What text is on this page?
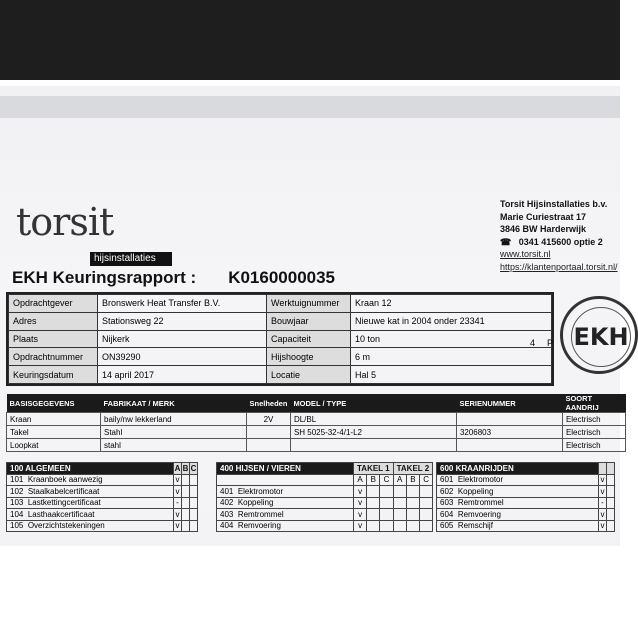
torsit
hijsinstallaties
Torsit Hijsinstallaties b.v.
Marie Curiestraat 17
3846 BW Harderwijk
☎ 0341 415600 optie 2
www.torsit.nl
https://klantenportaal.torsit.nl/
EKH Keuringsrapport : K0160000035
Opdrachtgever	Bronswerk Heat Transfer B.V.	Werktuignummer	Kraan 12
Adres	Stationsweg 22	Bouwjaar	Nieuwe kat in 2004 onder 23341
Plaats	Nijkerk	Capaciteit	10 ton
Opdrachtnummer	ON39290	Hijshoogte	6 m
Keuringsdatum	14 april 2017	Locatie	Hal 5
4 P EKH
BASISGEGEVENS	FABRIKAAT / MERK	Snelheden	MODEL / TYPE	SERIENUMMER	SOORT AANDRIJ
Kraan	baily/nw lekkerland	2V	DL/BL		Electrisch
Takel	Stahl		SH 5025-32-4/1-L2	3206803	Electrisch
Loopkat	stahl				Electrisch
100 ALGEMEEN	A	B	C
101 Kraanboek aanwezig	v		
102 Staalkabelcertificaat	v		
103 Lastkettingcertificaat	-		
104 Lasthaakcertificaat	v		
105 Overzichtstekeningen	v		
400 HIJSEN / VIEREN	TAKEL 1			TAKEL 2		
	A	B	C	A	B	C
401 Elektromotor	v					
402 Koppeling	v					
403 Remtrommel	v					
404 Remvoering	v					
600 KRAANRIJDEN		
601 Elektromotor	v	
602 Koppeling	v	
603 Remtrommel	-	
604 Remvoering	v	
605 Remschijf	v	
